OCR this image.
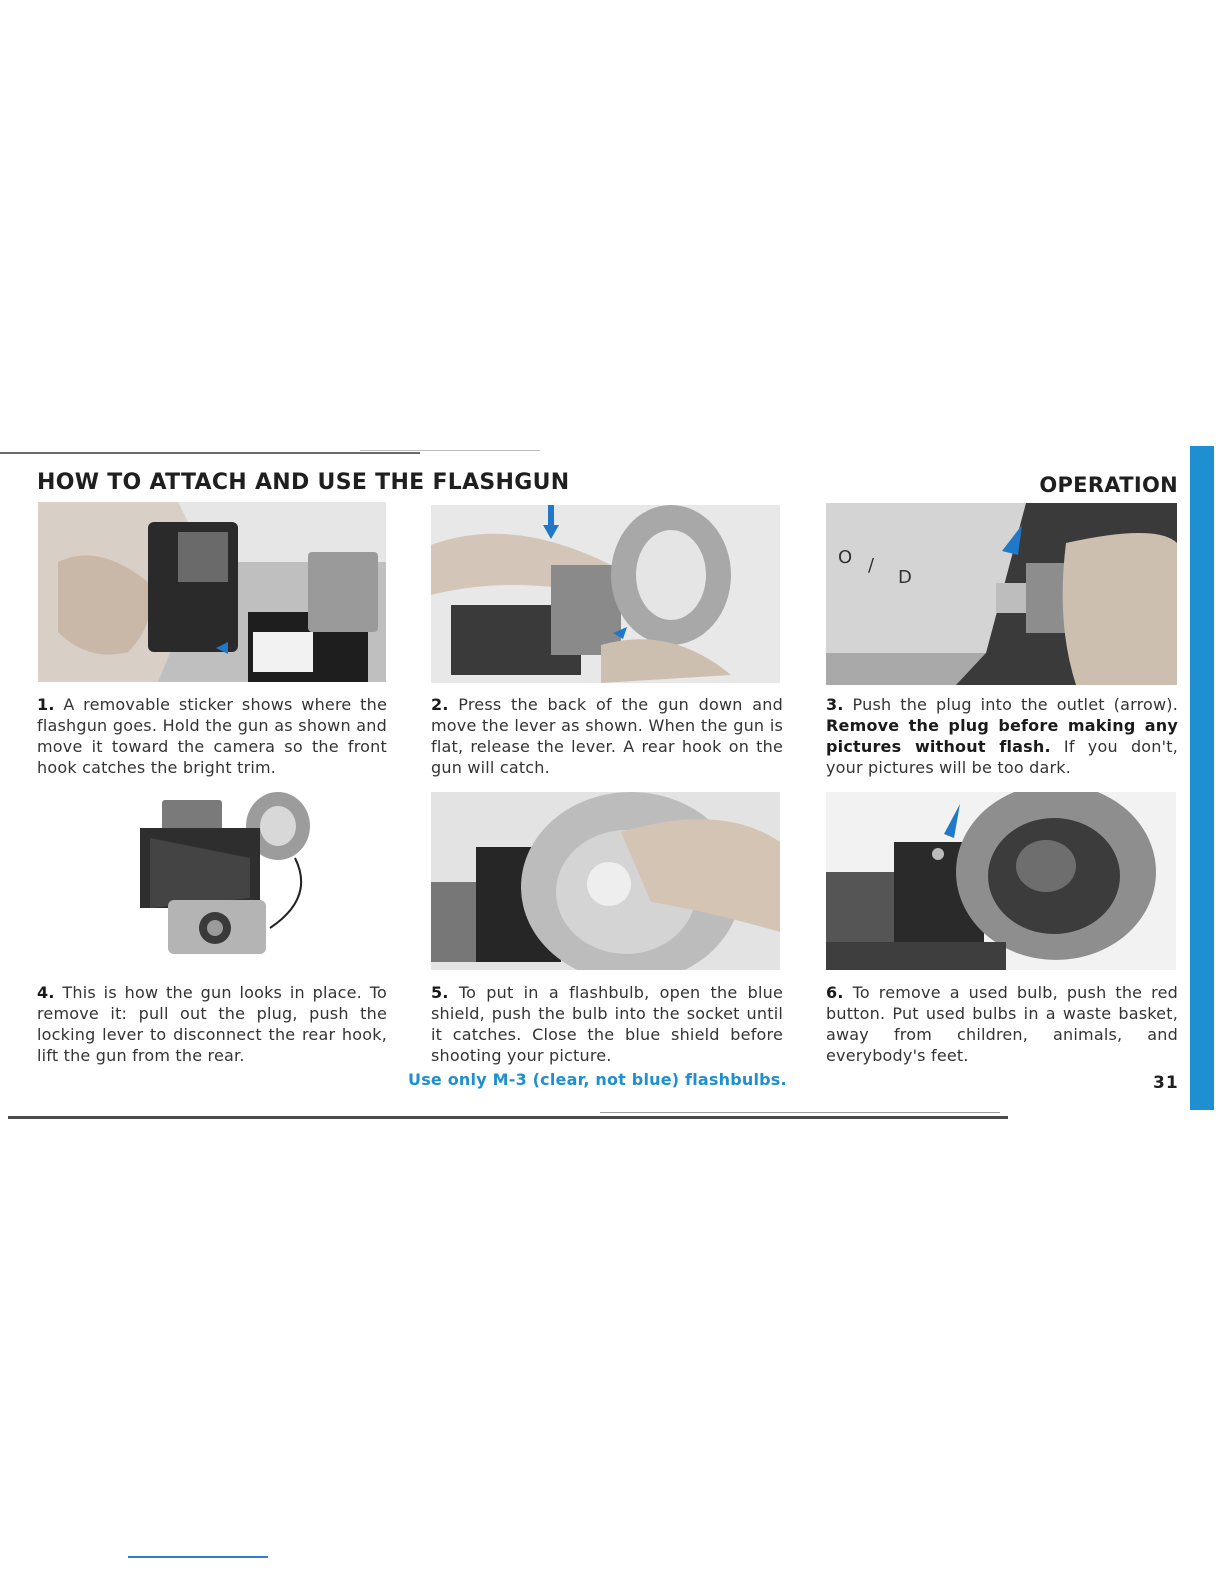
HOW TO ATTACH AND USE THE FLASHGUN	OPERATION
O /
D

1. A removable sticker shows where the flashgun goes. Hold the gun as shown and move it toward the camera so the front hook catches the bright trim.

2. Press the back of the gun down and move the lever as shown. When the gun is flat, release the lever. A rear hook on the gun will catch.

3. Push the plug into the outlet (arrow). Remove the plug before making any pictures without flash. If you don't, your pictures will be too dark.

4. This is how the gun looks in place. To remove it: pull out the plug, push the locking lever to disconnect the rear hook, lift the gun from the rear.

5. To put in a flashbulb, open the blue shield, push the bulb into the socket until it catches. Close the blue shield before shooting your picture.

6. To remove a used bulb, push the red button. Put used bulbs in a waste basket, away from children, animals, and everybody's feet.

Use only M-3 (clear, not blue) flashbulbs.	31
